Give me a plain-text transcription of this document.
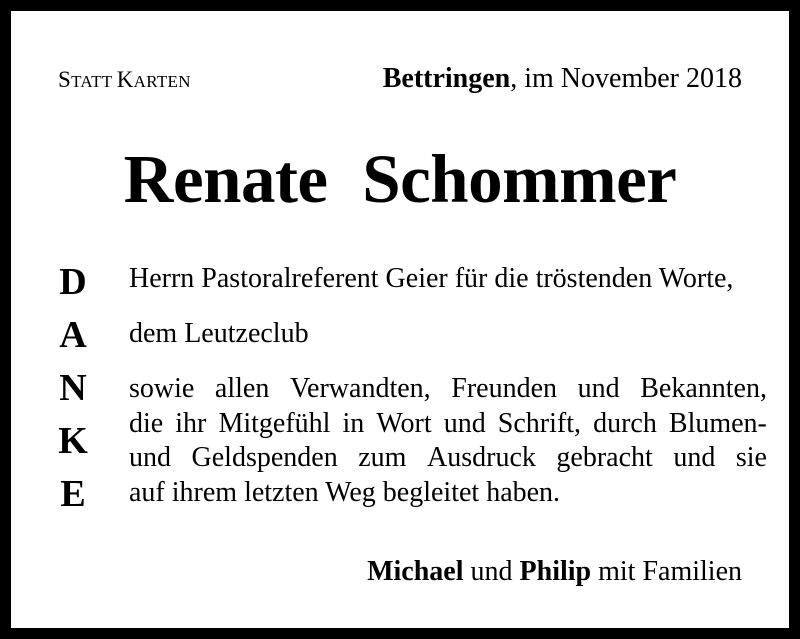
STATT KARTEN	Bettringen, im November 2018
Renate Schommer
D
A
N
K
E
Herrn Pastoralreferent Geier für die tröstenden Worte,
dem Leutzeclub
sowie allen Verwandten, Freunden und Bekannten,
die ihr Mitgefühl in Wort und Schrift, durch Blumen-
und Geldspenden zum Ausdruck gebracht und sie
auf ihrem letzten Weg begleitet haben.
Michael und Philip mit Familien
